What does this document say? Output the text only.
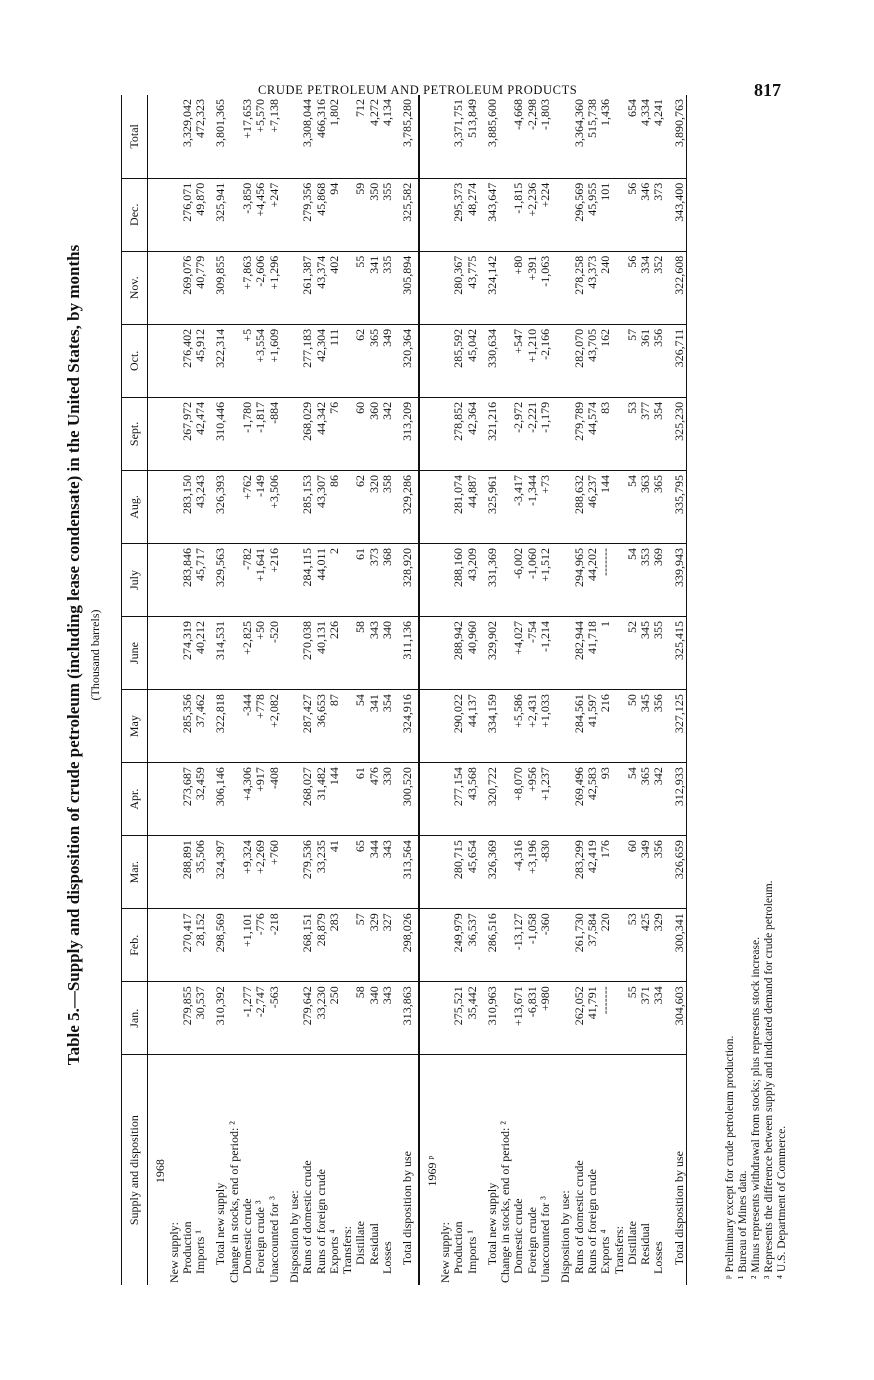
CRUDE PETROLEUM AND PETROLEUM PRODUCTS	817
Table 5.—Supply and disposition of crude petroleum (including lease condensate) in the United States, by months (Thousand barrels)
Supply and disposition	Jan.	Feb.	Mar.	Apr.	May	June	July	Aug.	Sept.	Oct.	Nov.	Dec.	Total
1968													
New supply:													
Production	279,855	270,417	288,891	273,687	285,356	274,319	283,846	283,150	267,972	276,402	269,076	276,071	3,329,042
Imports ¹	30,537	28,152	35,506	32,459	37,462	40,212	45,717	43,243	42,474	45,912	40,779	49,870	472,323

Total new supply	310,392	298,569	324,397	306,146	322,818	314,531	329,563	326,393	310,446	322,314	309,855	325,941	3,801,365
Change in stocks, end of period: ²													
Domestic crude	-1,277	+1,101	+9,324	+4,306	-344	+2,825	-782	+762	-1,780	+5	+7,863	-3,850	+17,653
Foreign crude ³	-2,747	-776	+2,269	+917	+778	+50	+1,641	-149	-1,817	+3,554	-2,606	+4,456	+5,570
Unaccounted for ³	-563	-218	+760	-408	+2,082	-520	+216	+3,506	-884	+1,609	+1,296	+247	+7,138

Disposition by use:													
Runs of domestic crude	279,642	268,151	279,536	268,027	287,427	270,038	284,115	285,153	268,029	277,183	261,387	279,356	3,308,044
Runs of foreign crude	33,230	28,879	33,235	31,482	36,653	40,131	44,011	43,307	44,342	42,304	43,374	45,868	466,316
Exports ⁴	250	283	41	144	87	226	2	86	76	111	402	94	1,802
Transfers:													
Distillate	58	57	65	61	54	58	61	62	60	62	55	59	712
Residual	340	329	344	476	341	343	373	320	360	365	341	350	4,272
Losses	343	327	343	330	354	340	368	358	342	349	335	355	4,134

Total disposition by use	313,863	298,026	313,564	300,520	324,916	311,136	328,920	329,286	313,209	320,364	305,894	325,582	3,785,280

1969 ᵖ													
New supply:													
Production	275,521	249,979	280,715	277,154	290,022	288,942	288,160	281,074	278,852	285,592	280,367	295,373	3,371,751
Imports ¹	35,442	36,537	45,654	43,568	44,137	40,960	43,209	44,887	42,364	45,042	43,775	48,274	513,849

Total new supply	310,963	286,516	326,369	320,722	334,159	329,902	331,369	325,961	321,216	330,634	324,142	343,647	3,885,600
Change in stocks, end of period: ²													
Domestic crude	+13,671	-13,127	-4,316	+8,070	+5,586	+4,027	-6,002	-3,417	-2,972	+547	+80	-1,815	-4,668
Foreign crude	-6,831	-1,058	+3,196	+956	+2,431	-754	-1,060	-1,344	-2,221	+1,210	+391	+2,236	-2,298
Unaccounted for ³	+980	-360	-830	+1,237	+1,033	-1,214	+1,512	+73	-1,179	-2,166	-1,063	+224	-1,803

Disposition by use:													
Runs of domestic crude	262,052	261,730	283,299	269,496	284,561	282,944	294,965	288,632	279,789	282,070	278,258	296,569	3,364,360
Runs of foreign crude	41,791	37,584	42,419	42,583	41,597	41,718	44,202	46,237	44,574	43,705	43,373	45,955	515,738
Exports ⁴	-------	220	176	93	216	1	-------	144	83	162	240	101	1,436
Transfers:													
Distillate	55	53	60	54	50	52	54	54	53	57	56	56	654
Residual	371	425	349	365	345	345	353	363	377	361	334	346	4,334
Losses	334	329	356	342	356	355	369	365	354	356	352	373	4,241

Total disposition by use	304,603	300,341	326,659	312,933	327,125	325,415	339,943	335,795	325,230	326,711	322,608	343,400	3,890,763
ᵖ Preliminary except for crude petroleum production. ¹ Bureau of Mines data. ² Minus represents withdrawal from stocks; plus represents stock increase. ³ Represents the difference between supply and indicated demand for crude petroleum. ⁴ U.S. Department of Commerce.
